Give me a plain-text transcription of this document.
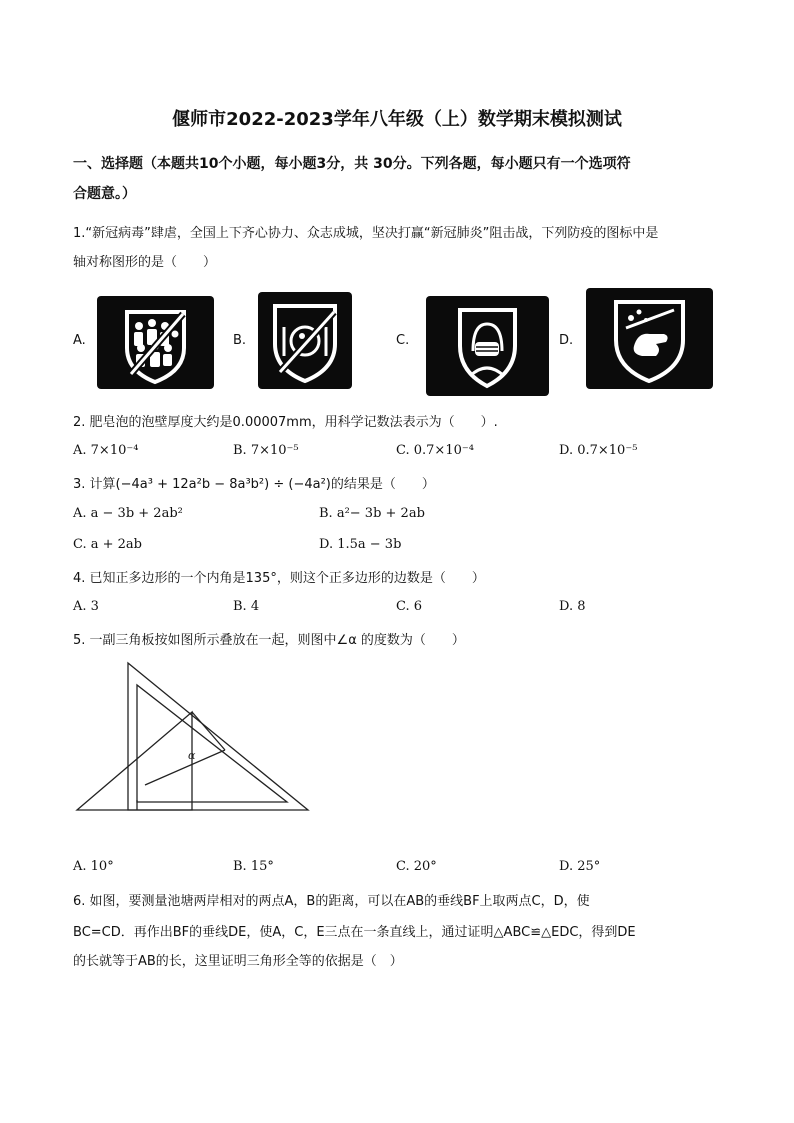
偃师市2022-2023学年八年级（上）数学期末模拟测试
一、选择题（本题共10个小题，每小题3分，共 30分。下列各题，每小题只有一个选项符
合题意。）
1.“新冠病毒”肆虐，全国上下齐心协力、众志成城，坚决打赢“新冠肺炎”阻击战，下列防疫的图标中是
轴对称图形的是（　　）
A.	B.	C.	D.
2. 肥皂泡的泡壁厚度大约是0.00007mm，用科学记数法表示为（　　）.
A. 7×10⁻⁴	B. 7×10⁻⁵	C. 0.7×10⁻⁴	D. 0.7×10⁻⁵
3. 计算(−4a³ + 12a²b − 8a³b²) ÷ (−4a²)的结果是（　　）
A. a − 3b + 2ab²	B. a²− 3b + 2ab
C. a + 2ab	D. 1.5a − 3b
4. 已知正多边形的一个内角是135°，则这个正多边形的边数是（　　）
A. 3	B. 4	C. 6	D. 8
5. 一副三角板按如图所示叠放在一起，则图中∠α 的度数为（　　）
α
A. 10°	B. 15°	C. 20°	D. 25°
6. 如图，要测量池塘两岸相对的两点A，B的距离，可以在AB的垂线BF上取两点C，D，使
BC=CD．再作出BF的垂线DE，使A，C，E三点在一条直线上，通过证明△ABC≌△EDC，得到DE
的长就等于AB的长，这里证明三角形全等的依据是（　）
